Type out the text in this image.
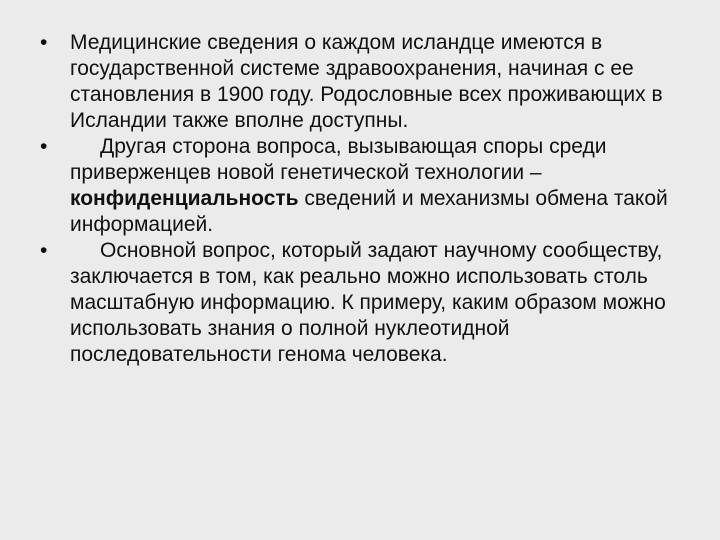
•	Медицинские сведения о каждом исландце имеются в государственной системе здравоохранения, начиная с ее становления в 1900 году. Родословные всех проживающих в Исландии также вполне доступны.
•	Другая сторона вопроса, вызывающая споры среди приверженцев новой генетической технологии – конфиденциальность сведений и механизмы обмена такой информацией.
•	Основной вопрос, который задают научному сообществу, заключается в том, как реально можно использовать столь масштабную информацию. К примеру, каким образом можно использовать знания о полной нуклеотидной последовательности генома человека.
